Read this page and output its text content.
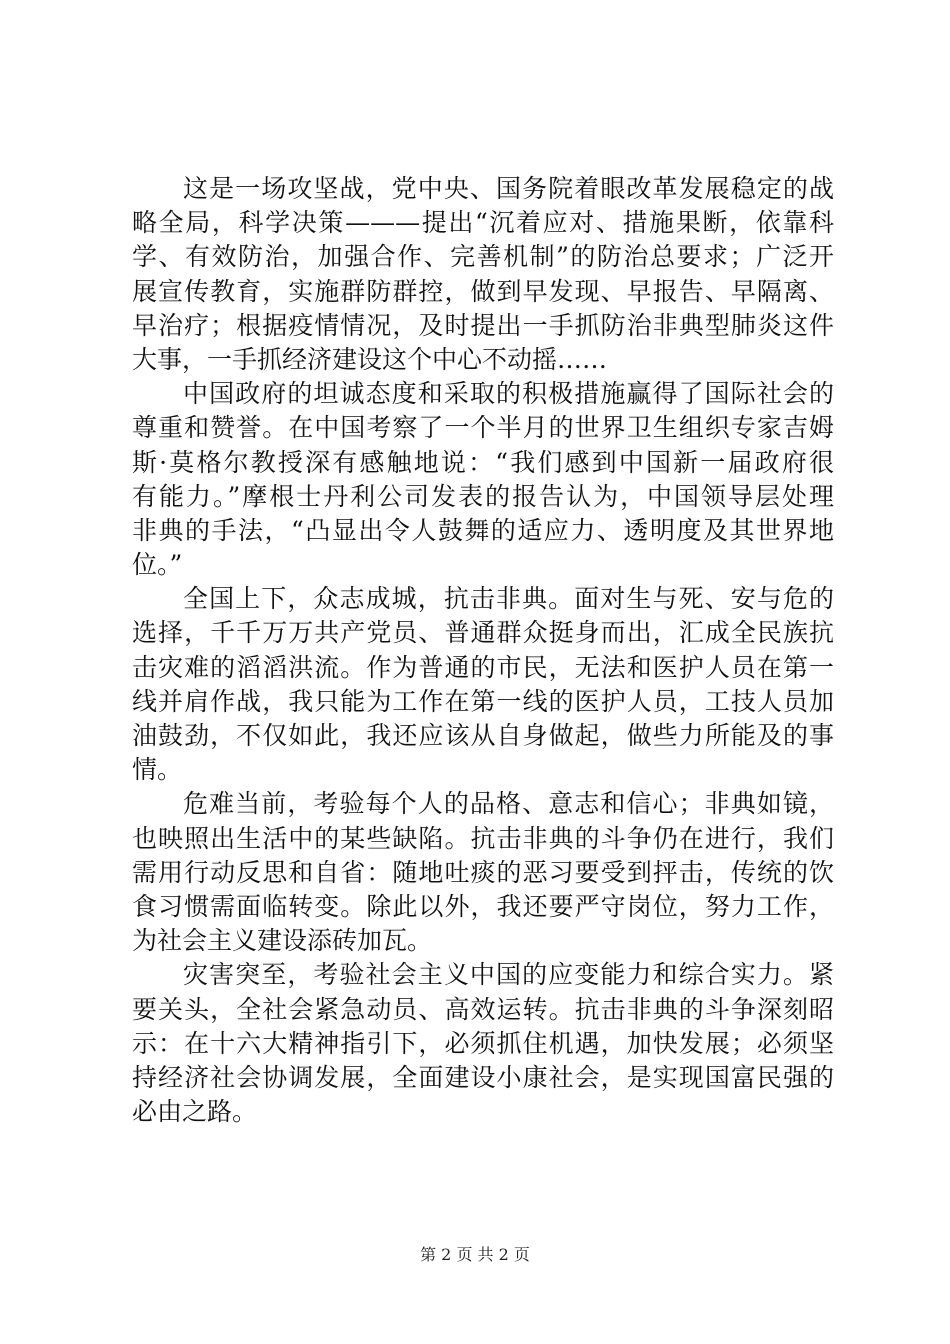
这是一场攻坚战，党中央、国务院着眼改革发展稳定的战
略全局，科学决策———提出“沉着应对、措施果断，依靠科
学、有效防治，加强合作、完善机制”的防治总要求；广泛开
展宣传教育，实施群防群控，做到早发现、早报告、早隔离、
早治疗；根据疫情情况，及时提出一手抓防治非典型肺炎这件
大事，一手抓经济建设这个中心不动摇……
中国政府的坦诚态度和采取的积极措施赢得了国际社会的
尊重和赞誉。在中国考察了一个半月的世界卫生组织专家吉姆
斯·莫格尔教授深有感触地说：“我们感到中国新一届政府很
有能力。”摩根士丹利公司发表的报告认为，中国领导层处理
非典的手法，“凸显出令人鼓舞的适应力、透明度及其世界地
位。”
全国上下，众志成城，抗击非典。面对生与死、安与危的
选择，千千万万共产党员、普通群众挺身而出，汇成全民族抗
击灾难的滔滔洪流。作为普通的市民，无法和医护人员在第一
线并肩作战，我只能为工作在第一线的医护人员，工技人员加
油鼓劲，不仅如此，我还应该从自身做起，做些力所能及的事
情。
危难当前，考验每个人的品格、意志和信心；非典如镜，
也映照出生活中的某些缺陷。抗击非典的斗争仍在进行，我们
需用行动反思和自省：随地吐痰的恶习要受到抨击，传统的饮
食习惯需面临转变。除此以外，我还要严守岗位，努力工作，
为社会主义建设添砖加瓦。
灾害突至，考验社会主义中国的应变能力和综合实力。紧
要关头，全社会紧急动员、高效运转。抗击非典的斗争深刻昭
示：在十六大精神指引下，必须抓住机遇，加快发展；必须坚
持经济社会协调发展，全面建设小康社会，是实现国富民强的
必由之路。
第 2 页 共 2 页
